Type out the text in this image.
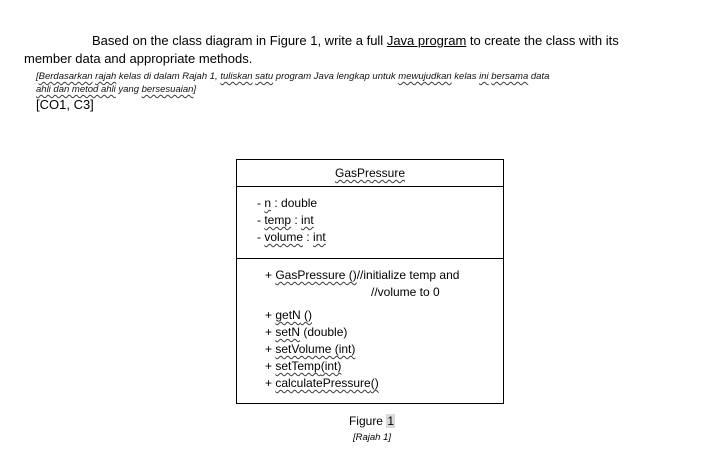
Based on the class diagram in Figure 1, write a full Java program to create the class with its
member data and appropriate methods.
[Berdasarkan rajah kelas di dalam Rajah 1, tuliskan satu program Java lengkap untuk mewujudkan kelas ini bersama data
ahli dan metod ahli yang bersesuaian]
[CO1, C3]
GasPressure
- n : double
- temp : int
- volume : int
+ GasPressure ()//initialize temp and
//volume to 0
+ getN ()
+ setN (double)
+ setVolume (int)
+ setTemp(int)
+ calculatePressure()
Figure 1
[Rajah 1]
